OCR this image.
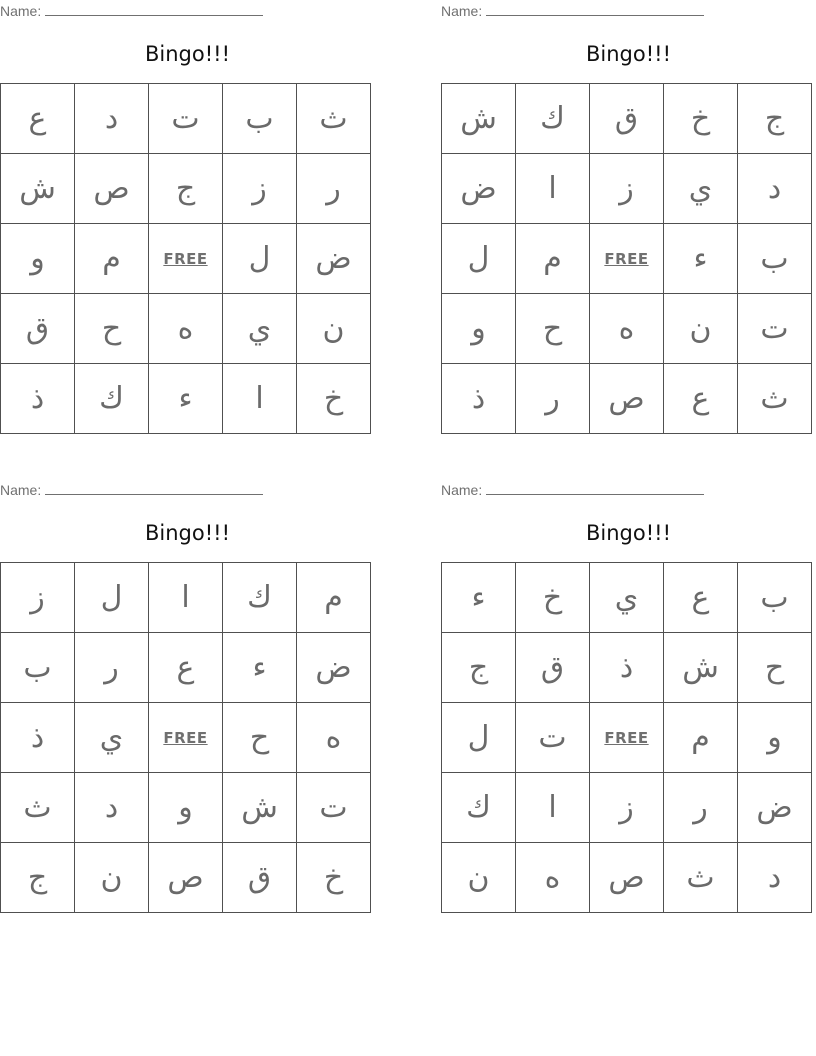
Name:
Bingo!!!
ع	د	ت	ب	ث
ش	ص	ج	ز	ر
و	م	FREE	ل	ض
ق	ح	ه	ي	ن
ذ	ك	ء	ا	خ
Name:
Bingo!!!
ش	ك	ق	خ	ج
ض	ا	ز	ي	د
ل	م	FREE	ء	ب
و	ح	ه	ن	ت
ذ	ر	ص	ع	ث
Name:
Bingo!!!
ز	ل	ا	ك	م
ب	ر	ع	ء	ض
ذ	ي	FREE	ح	ه
ث	د	و	ش	ت
ج	ن	ص	ق	خ
Name:
Bingo!!!
ء	خ	ي	ع	ب
ج	ق	ذ	ش	ح
ل	ت	FREE	م	و
ك	ا	ز	ر	ض
ن	ه	ص	ث	د
